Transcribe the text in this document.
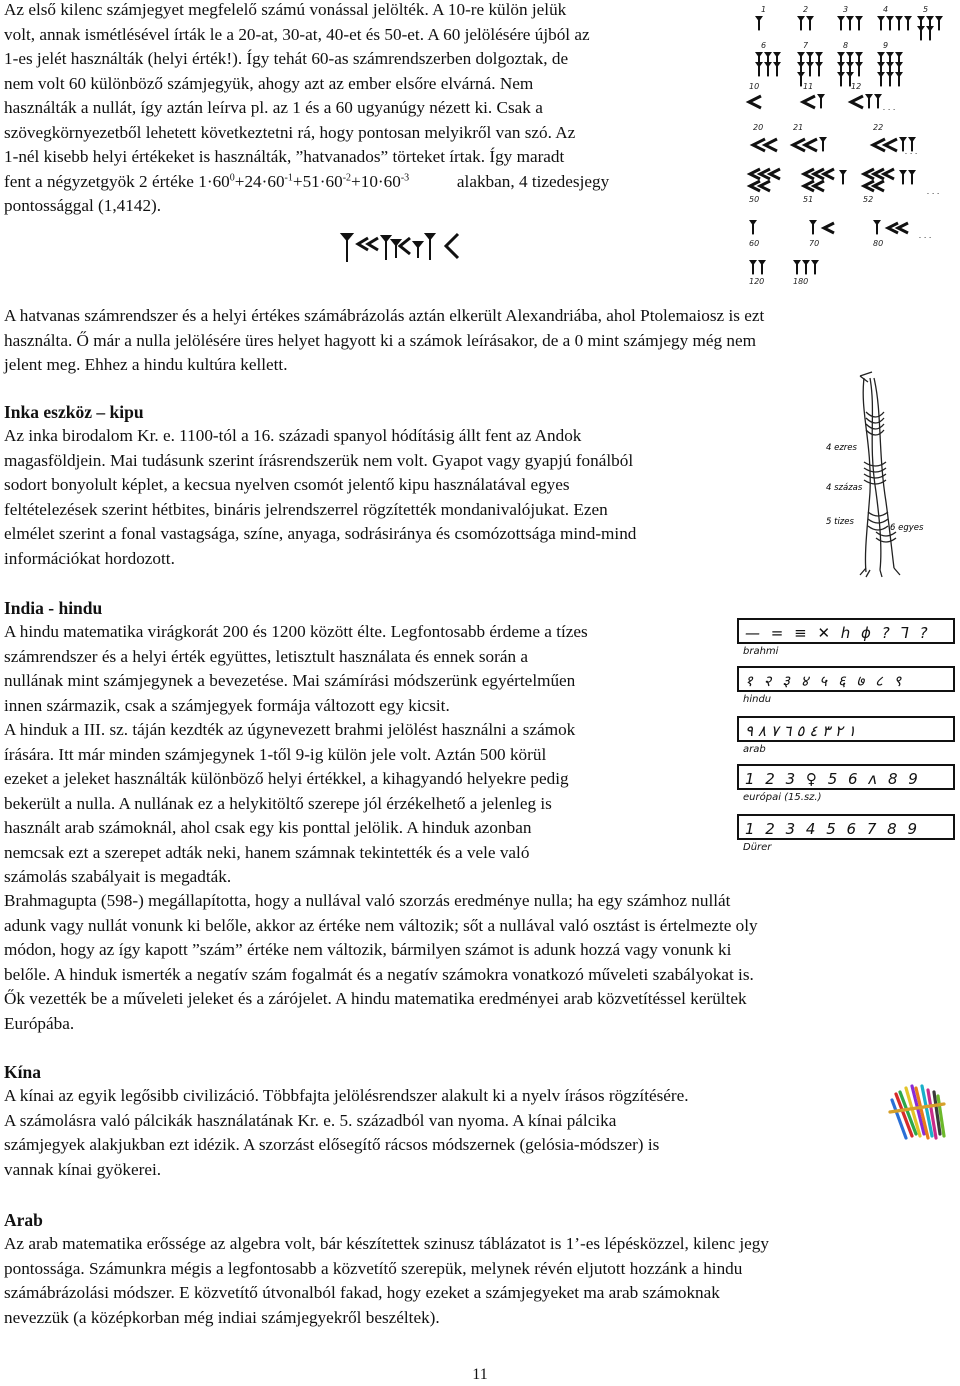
Az első kilenc számjegyet megfelelő számú vonással jelölték. A 10-re külön jelük
volt, annak ismétlésével írták le a 20-at, 30-at, 40-et és 50-et. A 60 jelölésére újból az
1-es jelét használták (helyi érték!). Így tehát 60-as számrendszerben dolgoztak, de
nem volt 60 különböző számjegyük, ahogy azt az ember elsőre elvárná. Nem
használták a nullát, így aztán leírva pl. az 1 és a 60 ugyanúgy nézett ki. Csak a
szövegkörnyezetből lehetett következtetni rá, hogy pontosan melyikről van szó. Az
1-nél kisebb helyi értékeket is használták, ”hatvanados” törteket írtak. Így maradt
fent a négyzetgyök 2 értéke $1\cdot 60^0+24\cdot 60^{-1}+51\cdot 60^{-2}+10\cdot 60^{-3}$	alakban, 4 tizedesjegy
pontossággal (1,4142).
1	2	3	4	5
6	7	8	9
10	11	12
. . .
20	21	22
. . .
50	51	52
. . .
60	70	80
. . .
120	180
A hatvanas számrendszer és a helyi értékes számábrázolás aztán elkerült Alexandriába, ahol Ptolemaiosz is ezt
használta. Ő már a nulla jelölésére üres helyet hagyott ki a számok leírásakor, de a 0 mint számjegy még nem
jelent meg. Ehhez a hindu kultúra kellett.
Inka eszköz – kipu
Az inka birodalom Kr. e. 1100-tól a 16. századi spanyol hódításig állt fent az Andok
magasföldjein. Mai tudásunk szerint írásrendszerük nem volt. Gyapot vagy gyapjú fonálból
sodort bonyolult képlet, a kecsua nyelven csomót jelentő kipu használatával egyes
feltételezések szerint hétbites, bináris jelrendszerrel rögzítették mondanivalójukat. Ezen
elmélet szerint a fonal vastagsága, színe, anyaga, sodrásiránya és csomózottsága mind-mind
információkat hordozott.
4 ezres
4 százas
5 tizes
6 egyes
India - hindu
A hindu matematika virágkorát 200 és 1200 között élte. Legfontosabb érdeme a tízes
számrendszer és a helyi érték együttes, letisztult használata és ennek során a
nullának mint számjegynek a bevezetése. Mai számírási módszerünk egyértelműen
innen származik, csak a számjegyek formája változott egy kicsit.
A hinduk a III. sz. táján kezdték az úgynevezett brahmi jelölést használni a számok
írására. Itt már minden számjegynek 1-től 9-ig külön jele volt. Aztán 500 körül
ezeket a jeleket használták különböző helyi értékkel, a kihagyandó helyekre pedig
bekerült a nulla. A nullának ez a helykitöltő szerepe jól érzékelhető a jelenleg is
használt arab számoknál, ahol csak egy kis ponttal jelölik. A hinduk azonban
nemcsak ezt a szerepet adták neki, hanem számnak tekintették és a vele való
számolás szabályait is megadták.
— = ≡ ✕ h ɸ ? ꓶ ?
brahmi
१ २ ३ ४ ५ ६ ७ ८ ९
hindu
١ ٢ ٣ ٤ ٥ ٦ ٧ ٨ ٩
arab
1 2 3 ♀ 5 6 ʌ 8 9
európai (15.sz.)
1 2 3 4 5 6 7 8 9
Dürer
Brahmagupta (598-) megállapította, hogy a nullával való szorzás eredménye nulla; ha egy számhoz nullát
adunk vagy nullát vonunk ki belőle, akkor az értéke nem változik; sőt a nullával való osztást is értelmezte oly
módon, hogy az így kapott ”szám” értéke nem változik, bármilyen számot is adunk hozzá vagy vonunk ki
belőle. A hinduk ismerték a negatív szám fogalmát és a negatív számokra vonatkozó műveleti szabályokat is.
Ők vezették be a műveleti jeleket és a zárójelet. A hindu matematika eredményei arab közvetítéssel kerültek
Európába.
Kína
A kínai az egyik legősibb civilizáció. Többfajta jelölésrendszer alakult ki a nyelv írásos rögzítésére.
A számolásra való pálcikák használatának Kr. e. 5. századból van nyoma. A kínai pálcika
számjegyek alakjukban ezt idézik. A szorzást elősegítő rácsos módszernek (gelósia-módszer) is
vannak kínai gyökerei.
Arab
Az arab matematika erőssége az algebra volt, bár készítettek szinusz táblázatot is 1’-es lépésközzel, kilenc jegy
pontossága. Számunkra mégis a legfontosabb a közvetítő szerepük, melynek révén eljutott hozzánk a hindu
számábrázolási módszer. E közvetítő útvonalból fakad, hogy ezeket a számjegyeket ma arab számoknak
nevezzük (a középkorban még indiai számjegyekről beszéltek).
11
